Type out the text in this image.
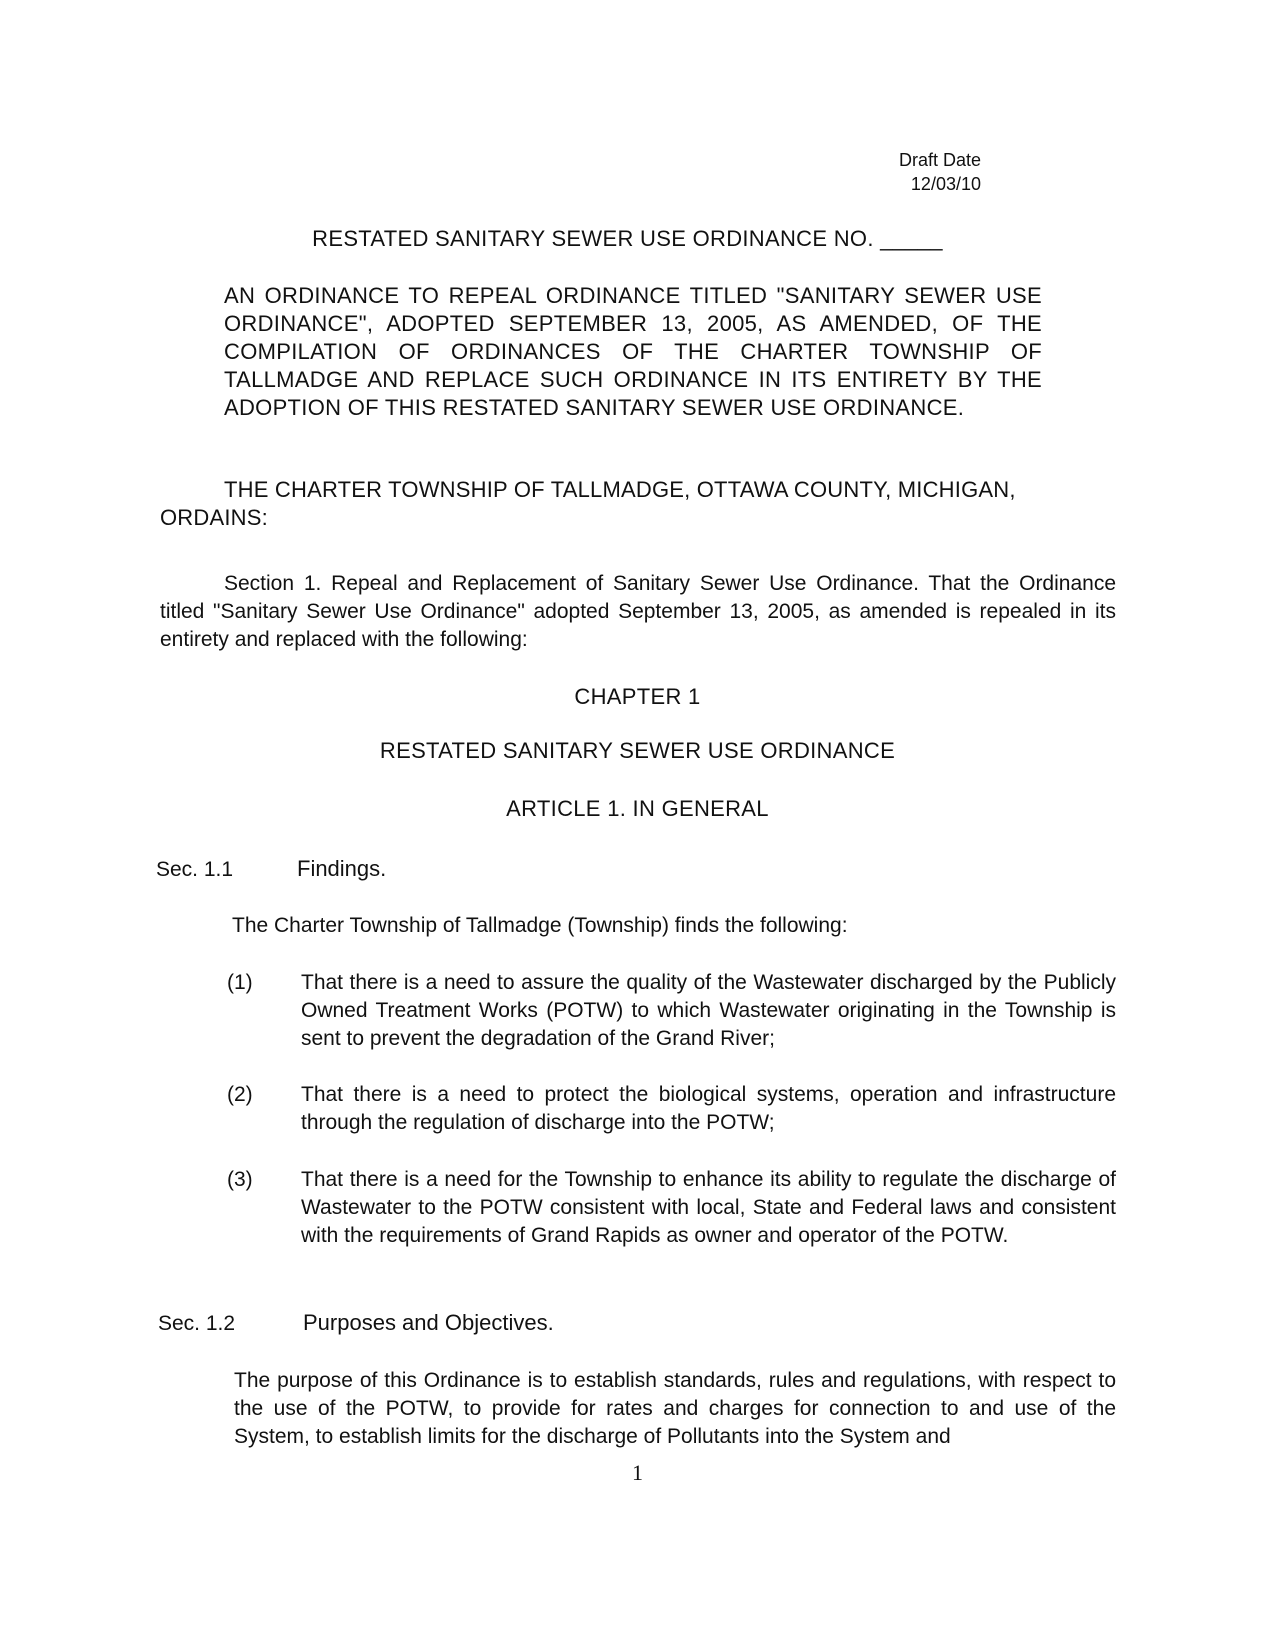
Draft Date
12/03/10

RESTATED SANITARY SEWER USE ORDINANCE NO. _____

AN ORDINANCE TO REPEAL ORDINANCE TITLED "SANITARY SEWER USE ORDINANCE", ADOPTED SEPTEMBER 13, 2005, AS AMENDED, OF THE COMPILATION OF ORDINANCES OF THE CHARTER TOWNSHIP OF TALLMADGE AND REPLACE SUCH ORDINANCE IN ITS ENTIRETY BY THE ADOPTION OF THIS RESTATED SANITARY SEWER USE ORDINANCE.

THE CHARTER TOWNSHIP OF TALLMADGE, OTTAWA COUNTY, MICHIGAN, ORDAINS:

Section 1. Repeal and Replacement of Sanitary Sewer Use Ordinance. That the Ordinance titled "Sanitary Sewer Use Ordinance" adopted September 13, 2005, as amended is repealed in its entirety and replaced with the following:

CHAPTER 1

RESTATED SANITARY SEWER USE ORDINANCE

ARTICLE 1. IN GENERAL

Sec. 1.1	Findings.

The Charter Township of Tallmadge (Township) finds the following:

(1) That there is a need to assure the quality of the Wastewater discharged by the Publicly Owned Treatment Works (POTW) to which Wastewater originating in the Township is sent to prevent the degradation of the Grand River;

(2) That there is a need to protect the biological systems, operation and infrastructure through the regulation of discharge into the POTW;

(3) That there is a need for the Township to enhance its ability to regulate the discharge of Wastewater to the POTW consistent with local, State and Federal laws and consistent with the requirements of Grand Rapids as owner and operator of the POTW.

Sec. 1.2	Purposes and Objectives.

The purpose of this Ordinance is to establish standards, rules and regulations, with respect to the use of the POTW, to provide for rates and charges for connection to and use of the System, to establish limits for the discharge of Pollutants into the System and

1
